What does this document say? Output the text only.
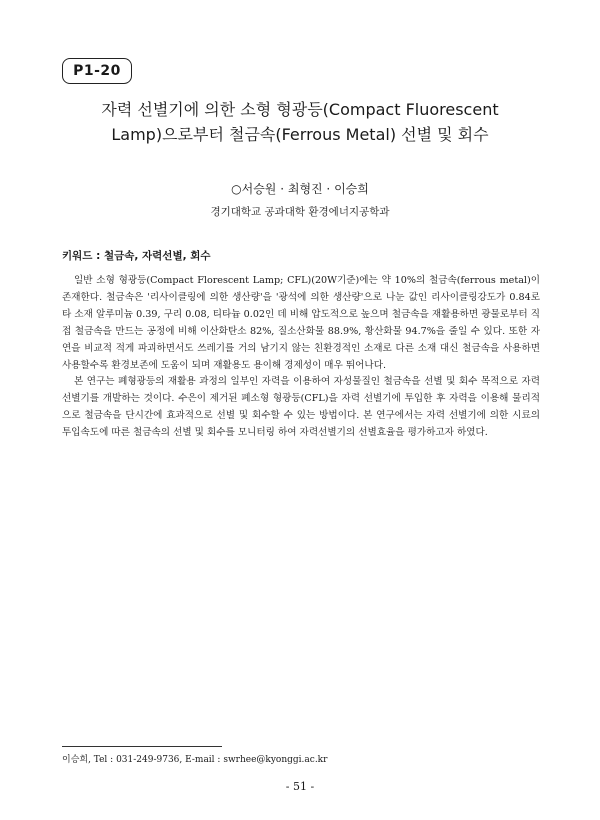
P1-20
자력 선별기에 의한 소형 형광등(Compact Fluorescent
Lamp)으로부터 철금속(Ferrous Metal) 선별 및 회수
○서승원 · 최형진 · 이승희
경기대학교 공과대학 환경에너지공학과
키워드 : 철금속, 자력선별, 회수

일반 소형 형광등(Compact Florescent Lamp; CFL)(20W기준)에는 약 10%의 철금속(ferrous metal)이 존재한다. 철금속은 '리사이클링에 의한 생산량'을 '광석에 의한 생산량'으로 나눈 값인 리사이클링강도가 0.84로 타 소재 알루미늄 0.39, 구리 0.08, 티타늄 0.02인 데 비해 압도적으로 높으며 철금속을 재활용하면 광물로부터 직접 철금속을 만드는 공정에 비해 이산화탄소 82%, 질소산화물 88.9%, 황산화물 94.7%을 줄일 수 있다. 또한 자연을 비교적 적게 파괴하면서도 쓰레기를 거의 남기지 않는 친환경적인 소재로 다른 소재 대신 철금속을 사용하면 사용할수록 환경보존에 도움이 되며 재활용도 용이해 경제성이 매우 뛰어나다.

본 연구는 폐형광등의 재활용 과정의 일부인 자력을 이용하여 자성물질인 철금속을 선별 및 회수 목적으로 자력 선별기를 개발하는 것이다. 수은이 제거된 폐소형 형광등(CFL)을 자력 선별기에 투입한 후 자력을 이용해 물리적으로 철금속을 단시간에 효과적으로 선별 및 회수할 수 있는 방법이다. 본 연구에서는 자력 선별기에 의한 시료의 투입속도에 따른 철금속의 선별 및 회수를 모니터링 하여 자력선별기의 선별효율을 평가하고자 하였다.

이승희, Tel : 031-249-9736, E-mail : swrhee@kyonggi.ac.kr
- 51 -
